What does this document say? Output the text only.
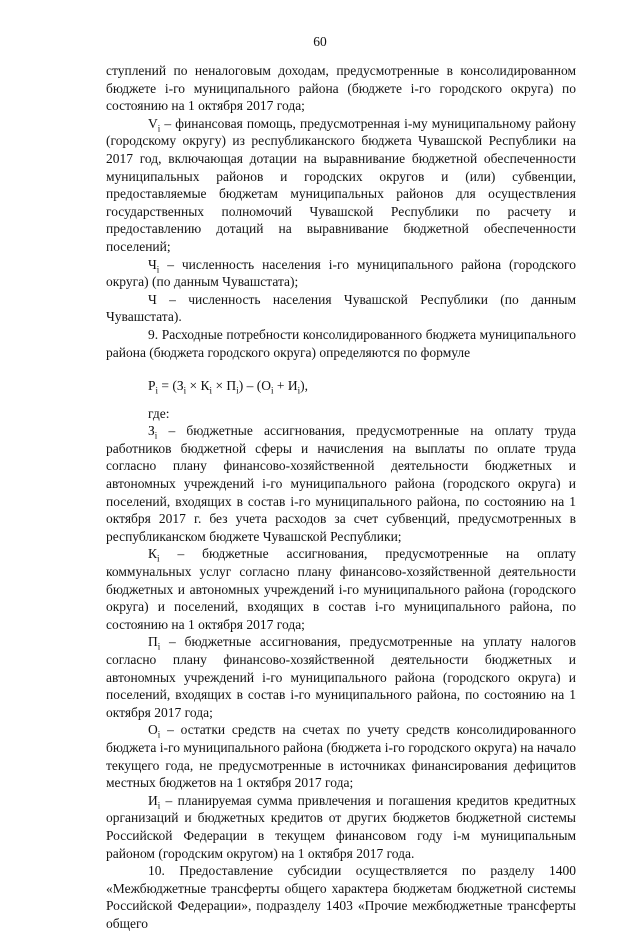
60

ступлений по неналоговым доходам, предусмотренные в консолидированном бюджете i-го муниципального района (бюджете i-го городского округа) по состоянию на 1 октября 2017 года;

$V_i$ – финансовая помощь, предусмотренная i-му муниципальному району (городскому округу) из республиканского бюджета Чувашской Республики на 2017 год, включающая дотации на выравнивание бюджетной обеспеченности муниципальных районов и городских округов и (или) субвенции, предоставляемые бюджетам муниципальных районов для осуществления государственных полномочий Чувашской Республики по расчету и предоставлению дотаций на выравнивание бюджетной обеспеченности поселений;

$Ч_i$ – численность населения i-го муниципального района (городского округа) (по данным Чувашстата);

Ч – численность населения Чувашской Республики (по данным Чувашстата).

9. Расходные потребности консолидированного бюджета муниципального района (бюджета городского округа) определяются по формуле

$P_i = (З_i \times К_i \times П_i) - (О_i + И_i)$,

где:

$З_i$ – бюджетные ассигнования, предусмотренные на оплату труда работников бюджетной сферы и начисления на выплаты по оплате труда согласно плану финансово-хозяйственной деятельности бюджетных и автономных учреждений i-го муниципального района (городского округа) и поселений, входящих в состав i-го муниципального района, по состоянию на 1 октября 2017 г. без учета расходов за счет субвенций, предусмотренных в республиканском бюджете Чувашской Республики;

$К_i$ – бюджетные ассигнования, предусмотренные на оплату коммунальных услуг согласно плану финансово-хозяйственной деятельности бюджетных и автономных учреждений i-го муниципального района (городского округа) и поселений, входящих в состав i-го муниципального района, по состоянию на 1 октября 2017 года;

$П_i$ – бюджетные ассигнования, предусмотренные на уплату налогов согласно плану финансово-хозяйственной деятельности бюджетных и автономных учреждений i-го муниципального района (городского округа) и поселений, входящих в состав i-го муниципального района, по состоянию на 1 октября 2017 года;

$О_i$ – остатки средств на счетах по учету средств консолидированного бюджета i-го муниципального района (бюджета i-го городского округа) на начало текущего года, не предусмотренные в источниках финансирования дефицитов местных бюджетов на 1 октября 2017 года;

$И_i$ – планируемая сумма привлечения и погашения кредитов кредитных организаций и бюджетных кредитов от других бюджетов бюджетной системы Российской Федерации в текущем финансовом году i-м муниципальным районом (городским округом) на 1 октября 2017 года.

10. Предоставление субсидии осуществляется по разделу 1400 «Межбюджетные трансферты общего характера бюджетам бюджетной системы Российской Федерации», подразделу 1403 «Прочие межбюджетные трансферты общего
